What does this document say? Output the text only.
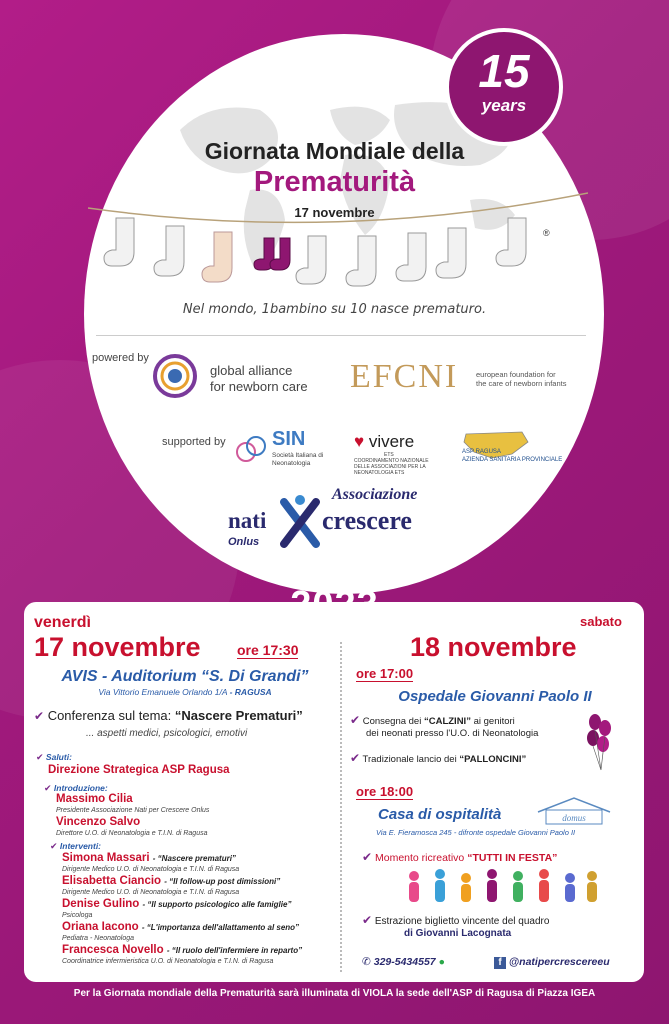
15
years
Giornata Mondiale della
Prematurità
17 novembre
®
Nel mondo, 1bambino su 10 nasce prematuro.
powered by
global alliance
for newborn care EFCNI european foundation for
the care of newborn infants
supported by SIN
Società Italiana di
Neonatologia
♥ vivere
ETS
COORDINAMENTO NAZIONALE
DELLE ASSOCIAZIONI PER LA NEONATOLOGIA ETS
ASP RAGUSA
AZIENDA SANITARIA PROVINCIALE
Associazione
nati crescere
Onlus
2023
venerdì
17 novembre	ore 17:30
AVIS - Auditorium “S. Di Grandi”
Via Vittorio Emanuele Orlando 1/A - RAGUSA
✔ Conferenza sul tema: “Nascere Prematuri”
... aspetti medici, psicologici, emotivi
✔ Saluti:
Direzione Strategica ASP Ragusa
✔ Introduzione:
Massimo Cilia
Presidente Associazione Nati per Crescere Onlus
Vincenzo Salvo
Direttore U.O. di Neonatologia e T.I.N. di Ragusa
✔ Interventi:
Simona Massari - “Nascere prematuri”
Dirigente Medico U.O. di Neonatologia e T.I.N. di Ragusa
Elisabetta Ciancio - “Il follow-up post dimissioni”
Dirigente Medico U.O. di Neonatologia e T.I.N. di Ragusa
Denise Gulino - “Il supporto psicologico alle famiglie”
Psicologa
Oriana Iacono - “L'importanza dell'allattamento al seno”
Pediatra - Neonatologa
Francesca Novello - “Il ruolo dell'infermiere in reparto”
Coordinatrice infermieristica U.O. di Neonatologia e T.I.N. di Ragusa
sabato
18 novembre
ore 17:00
Ospedale Giovanni Paolo II
✔ Consegna dei “CALZINI” ai genitori
dei neonati presso l'U.O. di Neonatologia
✔ Tradizionale lancio dei “PALLONCINI”
ore 18:00
Casa di ospitalità	domus
Via E. Fieramosca 245 - difronte ospedale Giovanni Paolo II
✔ Momento ricreativo “TUTTI IN FESTA”
✔ Estrazione biglietto vincente del quadro
di Giovanni Lacognata
✆ 329-5434557 ●	f @natipercrescereeu
Per la Giornata mondiale della Prematurità sarà illuminata di VIOLA la sede dell'ASP di Ragusa di Piazza IGEA
